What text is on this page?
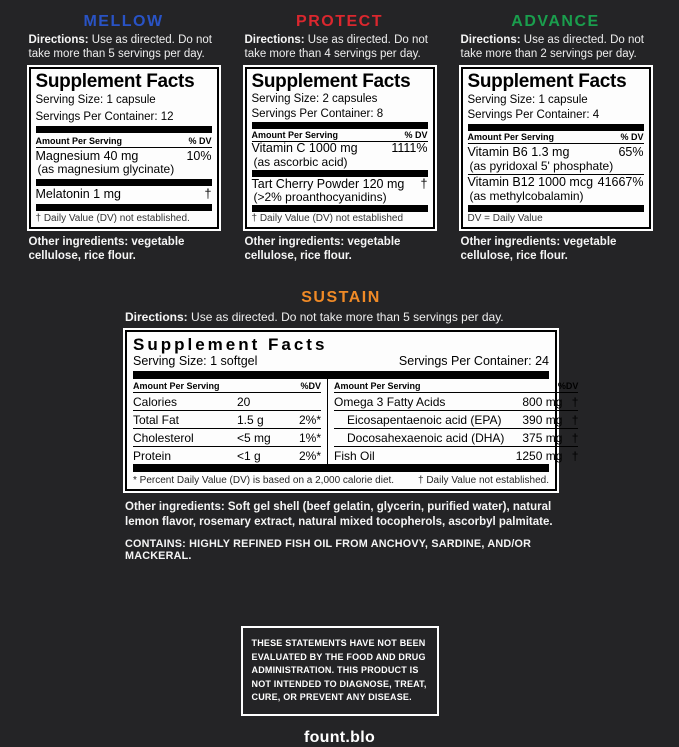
MELLOW

Directions: Use as directed. Do not take more than 5 servings per day.

Supplement Facts
Serving Size: 1 capsule
Servings Per Container: 12
Amount Per Serving	% DV
Magnesium 40 mg	10%
(as magnesium glycinate)
Melatonin 1 mg	†
† Daily Value (DV) not established.

Other ingredients: vegetable cellulose, rice flour.

PROTECT

Directions: Use as directed. Do not take more than 4 servings per day.

Supplement Facts
Serving Size: 2 capsules
Servings Per Container: 8
Amount Per Serving	% DV
Vitamin C 1000 mg	1111%
(as ascorbic acid)
Tart Cherry Powder 120 mg †
(>2% proanthocyanidins)
† Daily Value (DV) not established

Other ingredients: vegetable cellulose, rice flour.

ADVANCE

Directions: Use as directed. Do not take more than 2 servings per day.

Supplement Facts
Serving Size: 1 capsule
Servings Per Container: 4
Amount Per Serving	% DV
Vitamin B6 1.3 mg	65%
(as pyridoxal 5' phosphate)
Vitamin B12 1000 mcg 41667%
(as methylcobalamin)
DV = Daily Value

Other ingredients: vegetable cellulose, rice flour.

SUSTAIN

Directions: Use as directed. Do not take more than 5 servings per day.

Supplement Facts
Serving Size: 1 softgel	Servings Per Container: 24
Amount Per Serving	%DV
Calories	20
Total Fat	1.5 g	2%*
Cholesterol	<5 mg	1%*
Protein	<1 g	2%*
Amount Per Serving	%DV
Omega 3 Fatty Acids	800 mg †
Eicosapentaenoic acid (EPA)	390 mg †
Docosahexaenoic acid (DHA)	375 mg †
Fish Oil	1250 mg †
* Percent Daily Value (DV) is based on a 2,000 calorie diet. † Daily Value not established.

Other ingredients: Soft gel shell (beef gelatin, glycerin, purified water), natural lemon flavor, rosemary extract, natural mixed tocopherols, ascorbyl palmitate.

CONTAINS: HIGHLY REFINED FISH OIL FROM ANCHOVY, SARDINE, AND/OR MACKERAL.

THESE STATEMENTS HAVE NOT BEEN EVALUATED BY THE FOOD AND DRUG ADMINISTRATION. THIS PRODUCT IS NOT INTENDED TO DIAGNOSE, TREAT, CURE, OR PREVENT ANY DISEASE.
fount.blo
